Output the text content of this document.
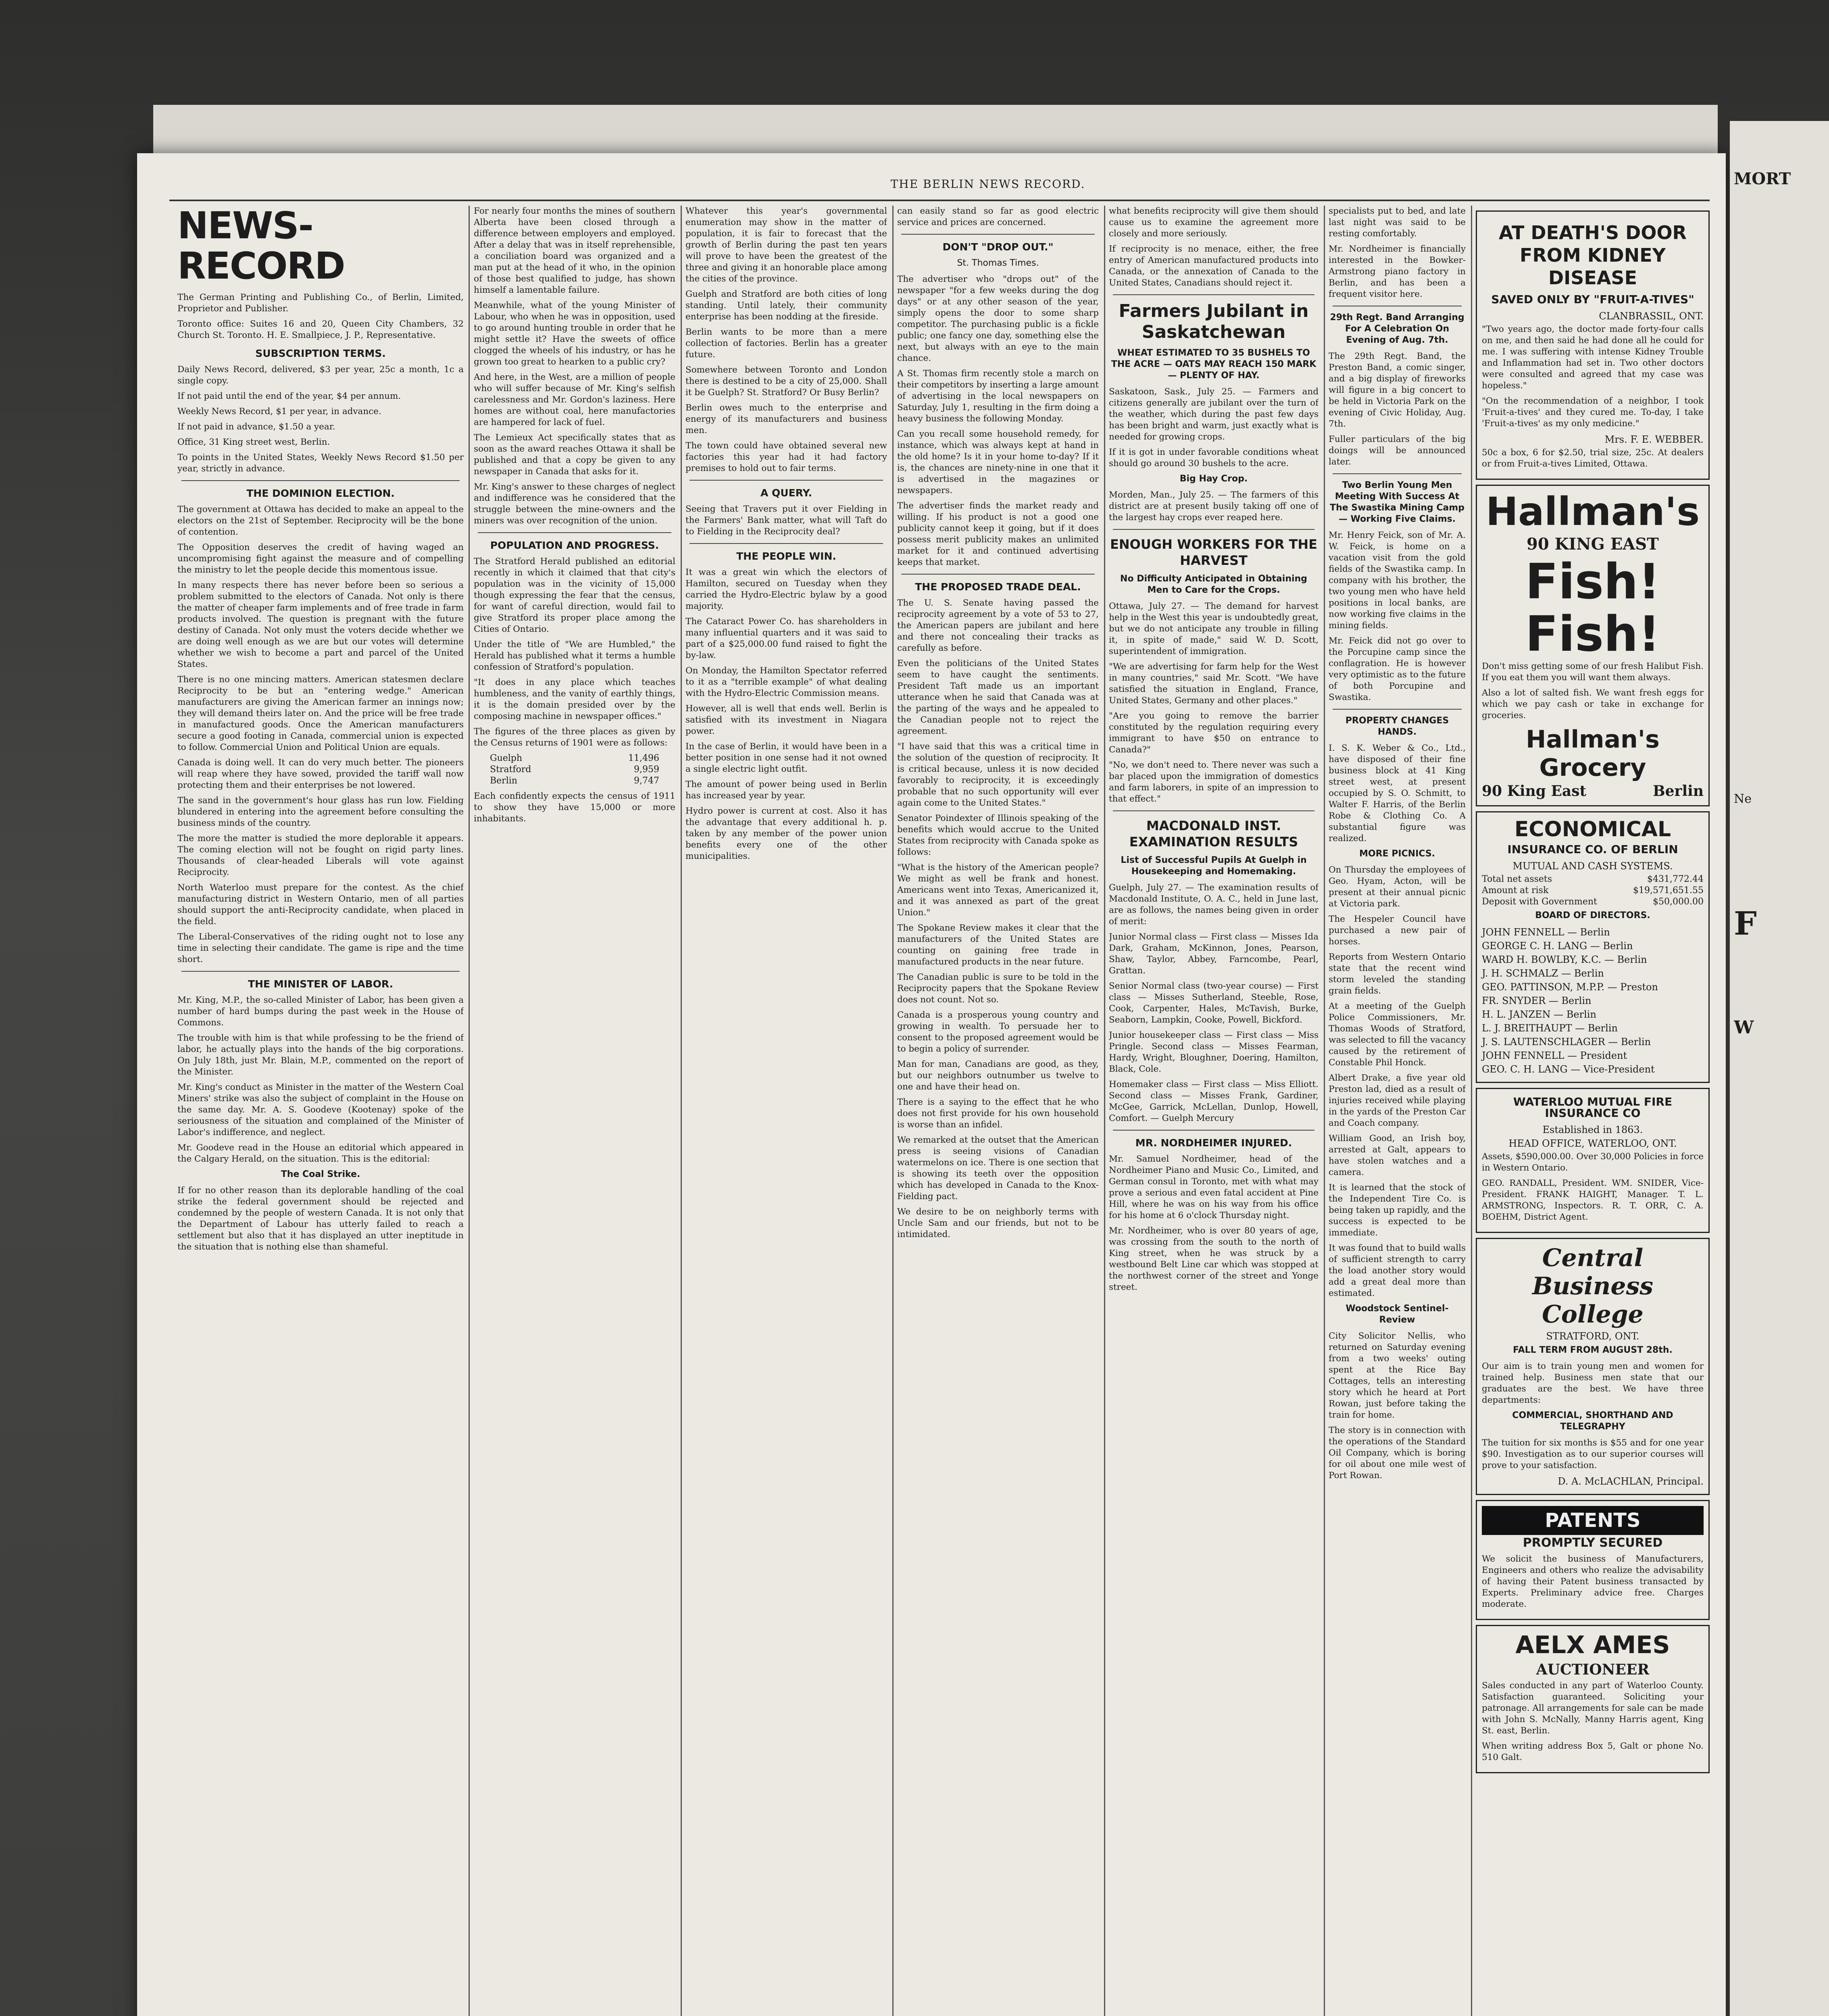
THE BERLIN NEWS RECORD.
NEWS-RECORD

The German Printing and Publishing Co., of Berlin, Limited, Proprietor and Publisher.

Toronto office: Suites 16 and 20, Queen City Chambers, 32 Church St. Toronto. H. E. Smallpiece, J. P., Representative.

SUBSCRIPTION TERMS.

Daily News Record, delivered, $3 per year, 25c a month, 1c a single copy.

If not paid until the end of the year, $4 per annum.

Weekly News Record, $1 per year, in advance.

If not paid in advance, $1.50 a year.

Office, 31 King street west, Berlin.

To points in the United States, Weekly News Record $1.50 per year, strictly in advance.

THE DOMINION ELECTION.

The government at Ottawa has decided to make an appeal to the electors on the 21st of September. Reciprocity will be the bone of contention.

The Opposition deserves the credit of having waged an uncompromising fight against the measure and of compelling the ministry to let the people decide this momentous issue.

In many respects there has never before been so serious a problem submitted to the electors of Canada. Not only is there the matter of cheaper farm implements and of free trade in farm products involved. The question is pregnant with the future destiny of Canada. Not only must the voters decide whether we are doing well enough as we are but our votes will determine whether we wish to become a part and parcel of the United States.

There is no one mincing matters. American statesmen declare Reciprocity to be but an "entering wedge." American manufacturers are giving the American farmer an innings now; they will demand theirs later on. And the price will be free trade in manufactured goods. Once the American manufacturers secure a good footing in Canada, commercial union is expected to follow. Commercial Union and Political Union are equals.

Canada is doing well. It can do very much better. The pioneers will reap where they have sowed, provided the tariff wall now protecting them and their enterprises be not lowered.

The sand in the government's hour glass has run low. Fielding blundered in entering into the agreement before consulting the business minds of the country.

The more the matter is studied the more deplorable it appears. The coming election will not be fought on rigid party lines. Thousands of clear-headed Liberals will vote against Reciprocity.

North Waterloo must prepare for the contest. As the chief manufacturing district in Western Ontario, men of all parties should support the anti-Reciprocity candidate, when placed in the field.

The Liberal-Conservatives of the riding ought not to lose any time in selecting their candidate. The game is ripe and the time short.

THE MINISTER OF LABOR.

Mr. King, M.P., the so-called Minister of Labor, has been given a number of hard bumps during the past week in the House of Commons.

The trouble with him is that while professing to be the friend of labor, he actually plays into the hands of the big corporations. On July 18th, just Mr. Blain, M.P., commented on the report of the Minister.

Mr. King's conduct as Minister in the matter of the Western Coal Miners' strike was also the subject of complaint in the House on the same day. Mr. A. S. Goodeve (Kootenay) spoke of the seriousness of the situation and complained of the Minister of Labor's indifference, and neglect.

Mr. Goodeve read in the House an editorial which appeared in the Calgary Herald, on the situation. This is the editorial:

The Coal Strike.

If for no other reason than its deplorable handling of the coal strike the federal government should be rejected and condemned by the people of western Canada. It is not only that the Department of Labour has utterly failed to reach a settlement but also that it has displayed an utter ineptitude in the situation that is nothing else than shameful.

For nearly four months the mines of southern Alberta have been closed through a difference between employers and employed. After a delay that was in itself reprehensible, a conciliation board was organized and a man put at the head of it who, in the opinion of those best qualified to judge, has shown himself a lamentable failure.

Meanwhile, what of the young Minister of Labour, who when he was in opposition, used to go around hunting trouble in order that he might settle it? Have the sweets of office clogged the wheels of his industry, or has he grown too great to hearken to a public cry?

And here, in the West, are a million of people who will suffer because of Mr. King's selfish carelessness and Mr. Gordon's laziness. Here homes are without coal, here manufactories are hampered for lack of fuel.

The Lemieux Act specifically states that as soon as the award reaches Ottawa it shall be published and that a copy be given to any newspaper in Canada that asks for it.

Mr. King's answer to these charges of neglect and indifference was he considered that the struggle between the mine-owners and the miners was over recognition of the union.

POPULATION AND PROGRESS.

The Stratford Herald published an editorial recently in which it claimed that that city's population was in the vicinity of 15,000 though expressing the fear that the census, for want of careful direction, would fail to give Stratford its proper place among the Cities of Ontario.

Under the title of "We are Humbled," the Herald has published what it terms a humble confession of Stratford's population.

"It does in any place which teaches humbleness, and the vanity of earthly things, it is the domain presided over by the composing machine in newspaper offices."

The figures of the three places as given by the Census returns of 1901 were as follows:

Guelph	11,496
Stratford	9,959
Berlin	9,747

Each confidently expects the census of 1911 to show they have 15,000 or more inhabitants.

Whatever this year's governmental enumeration may show in the matter of population, it is fair to forecast that the growth of Berlin during the past ten years will prove to have been the greatest of the three and giving it an honorable place among the cities of the province.

Guelph and Stratford are both cities of long standing. Until lately, their community enterprise has been nodding at the fireside.

Berlin wants to be more than a mere collection of factories. Berlin has a greater future.

Somewhere between Toronto and London there is destined to be a city of 25,000. Shall it be Guelph? St. Stratford? Or Busy Berlin?

Berlin owes much to the enterprise and energy of its manufacturers and business men.

The town could have obtained several new factories this year had it had factory premises to hold out to fair terms.

A QUERY.

Seeing that Travers put it over Fielding in the Farmers' Bank matter, what will Taft do to Fielding in the Reciprocity deal?

THE PEOPLE WIN.

It was a great win which the electors of Hamilton, secured on Tuesday when they carried the Hydro-Electric bylaw by a good majority.

The Cataract Power Co. has shareholders in many influential quarters and it was said to part of a $25,000.00 fund raised to fight the by-law.

On Monday, the Hamilton Spectator referred to it as a "terrible example" of what dealing with the Hydro-Electric Commission means.

However, all is well that ends well. Berlin is satisfied with its investment in Niagara power.

In the case of Berlin, it would have been in a better position in one sense had it not owned a single electric light outfit.

The amount of power being used in Berlin has increased year by year.

Hydro power is current at cost. Also it has the advantage that every additional h. p. taken by any member of the power union benefits every one of the other municipalities.

can easily stand so far as good electric service and prices are concerned.

DON'T "DROP OUT."
St. Thomas Times.

The advertiser who "drops out" of the newspaper "for a few weeks during the dog days" or at any other season of the year, simply opens the door to some sharp competitor. The purchasing public is a fickle public; one fancy one day, something else the next, but always with an eye to the main chance.

A St. Thomas firm recently stole a march on their competitors by inserting a large amount of advertising in the local newspapers on Saturday, July 1, resulting in the firm doing a heavy business the following Monday.

Can you recall some household remedy, for instance, which was always kept at hand in the old home? Is it in your home to-day? If it is, the chances are ninety-nine in one that it is advertised in the magazines or newspapers.

The advertiser finds the market ready and willing. If his product is not a good one publicity cannot keep it going, but if it does possess merit publicity makes an unlimited market for it and continued advertising keeps that market.

THE PROPOSED TRADE DEAL.

The U. S. Senate having passed the reciprocity agreement by a vote of 53 to 27, the American papers are jubilant and here and there not concealing their tracks as carefully as before.

Even the politicians of the United States seem to have caught the sentiments. President Taft made us an important utterance when he said that Canada was at the parting of the ways and he appealed to the Canadian people not to reject the agreement.

"I have said that this was a critical time in the solution of the question of reciprocity. It is critical because, unless it is now decided favorably to reciprocity, it is exceedingly probable that no such opportunity will ever again come to the United States."

Senator Poindexter of Illinois speaking of the benefits which would accrue to the United States from reciprocity with Canada spoke as follows:

"What is the history of the American people? We might as well be frank and honest. Americans went into Texas, Americanized it, and it was annexed as part of the great Union."

The Spokane Review makes it clear that the manufacturers of the United States are counting on gaining free trade in manufactured products in the near future.

The Canadian public is sure to be told in the Reciprocity papers that the Spokane Review does not count. Not so.

Canada is a prosperous young country and growing in wealth. To persuade her to consent to the proposed agreement would be to begin a policy of surrender.

Man for man, Canadians are good, as they, but our neighbors outnumber us twelve to one and have their head on.

There is a saying to the effect that he who does not first provide for his own household is worse than an infidel.

We remarked at the outset that the American press is seeing visions of Canadian watermelons on ice. There is one section that is showing its teeth over the opposition which has developed in Canada to the Knox-Fielding pact.

We desire to be on neighborly terms with Uncle Sam and our friends, but not to be intimidated.

what benefits reciprocity will give them should cause us to examine the agreement more closely and more seriously.

If reciprocity is no menace, either, the free entry of American manufactured products into Canada, or the annexation of Canada to the United States, Canadians should reject it.

Farmers Jubilant in Saskatchewan
WHEAT ESTIMATED TO 35 BUSHELS TO THE ACRE — OATS MAY REACH 150 MARK — PLENTY OF HAY.

Saskatoon, Sask., July 25. — Farmers and citizens generally are jubilant over the turn of the weather, which during the past few days has been bright and warm, just exactly what is needed for growing crops.

If it is got in under favorable conditions wheat should go around 30 bushels to the acre.

Big Hay Crop.

Morden, Man., July 25. — The farmers of this district are at present busily taking off one of the largest hay crops ever reaped here.

ENOUGH WORKERS FOR THE HARVEST
No Difficulty Anticipated in Obtaining Men to Care for the Crops.

Ottawa, July 27. — The demand for harvest help in the West this year is undoubtedly great, but we do not anticipate any trouble in filling it, in spite of made," said W. D. Scott, superintendent of immigration.

"We are advertising for farm help for the West in many countries," said Mr. Scott. "We have satisfied the situation in England, France, United States, Germany and other places."

"Are you going to remove the barrier constituted by the regulation requiring every immigrant to have $50 on entrance to Canada?"

"No, we don't need to. There never was such a bar placed upon the immigration of domestics and farm laborers, in spite of an impression to that effect."

MACDONALD INST. EXAMINATION RESULTS
List of Successful Pupils At Guelph in Housekeeping and Homemaking.

Guelph, July 27. — The examination results of Macdonald Institute, O. A. C., held in June last, are as follows, the names being given in order of merit:

Junior Normal class — First class — Misses Ida Dark, Graham, McKinnon, Jones, Pearson, Shaw, Taylor, Abbey, Farncombe, Pearl, Grattan.

Senior Normal class (two-year course) — First class — Misses Sutherland, Steeble, Rose, Cook, Carpenter, Hales, McTavish, Burke, Seaborn, Lampkin, Cooke, Powell, Bickford.

Junior housekeeper class — First class — Miss Pringle. Second class — Misses Fearman, Hardy, Wright, Bloughner, Doering, Hamilton, Black, Cole.

Homemaker class — First class — Miss Elliott. Second class — Misses Frank, Gardiner, McGee, Garrick, McLellan, Dunlop, Howell, Comfort. — Guelph Mercury

MR. NORDHEIMER INJURED.

Mr. Samuel Nordheimer, head of the Nordheimer Piano and Music Co., Limited, and German consul in Toronto, met with what may prove a serious and even fatal accident at Pine Hill, where he was on his way from his office for his home at 6 o'clock Thursday night.

Mr. Nordheimer, who is over 80 years of age, was crossing from the south to the north of King street, when he was struck by a westbound Belt Line car which was stopped at the northwest corner of the street and Yonge street.

specialists put to bed, and late last night was said to be resting comfortably.

Mr. Nordheimer is financially interested in the Bowker-Armstrong piano factory in Berlin, and has been a frequent visitor here.

29th Regt. Band Arranging For A Celebration On Evening of Aug. 7th.

The 29th Regt. Band, the Preston Band, a comic singer, and a big display of fireworks will figure in a big concert to be held in Victoria Park on the evening of Civic Holiday, Aug. 7th.

Fuller particulars of the big doings will be announced later.

Two Berlin Young Men Meeting With Success At The Swastika Mining Camp — Working Five Claims.

Mr. Henry Feick, son of Mr. A. W. Feick, is home on a vacation visit from the gold fields of the Swastika camp. In company with his brother, the two young men who have held positions in local banks, are now working five claims in the mining fields.

Mr. Feick did not go over to the Porcupine camp since the conflagration. He is however very optimistic as to the future of both Porcupine and Swastika.

PROPERTY CHANGES HANDS.

I. S. K. Weber & Co., Ltd., have disposed of their fine business block at 41 King street west, at present occupied by S. O. Schmitt, to Walter F. Harris, of the Berlin Robe & Clothing Co. A substantial figure was realized.

MORE PICNICS.

On Thursday the employees of Geo. Hyam, Acton, will be present at their annual picnic at Victoria park.

The Hespeler Council have purchased a new pair of horses.

Reports from Western Ontario state that the recent wind storm leveled the standing grain fields.

At a meeting of the Guelph Police Commissioners, Mr. Thomas Woods of Stratford, was selected to fill the vacancy caused by the retirement of Constable Phil Honck.

Albert Drake, a five year old Preston lad, died as a result of injuries received while playing in the yards of the Preston Car and Coach company.

William Good, an Irish boy, arrested at Galt, appears to have stolen watches and a camera.

It is learned that the stock of the Independent Tire Co. is being taken up rapidly, and the success is expected to be immediate.

It was found that to build walls of sufficient strength to carry the load another story would add a great deal more than estimated.

Woodstock Sentinel-Review

City Solicitor Nellis, who returned on Saturday evening from a two weeks' outing spent at the Rice Bay Cottages, tells an interesting story which he heard at Port Rowan, just before taking the train for home.

The story is in connection with the operations of the Standard Oil Company, which is boring for oil about one mile west of Port Rowan.

AT DEATH'S DOOR FROM KIDNEY DISEASE
SAVED ONLY BY "FRUIT-A-TIVES"
CLANBRASSIL, ONT.

"Two years ago, the doctor made forty-four calls on me, and then said he had done all he could for me. I was suffering with intense Kidney Trouble and Inflammation had set in. Two other doctors were consulted and agreed that my case was hopeless."

"On the recommendation of a neighbor, I took 'Fruit-a-tives' and they cured me. To-day, I take 'Fruit-a-tives' as my only medicine."

Mrs. F. E. WEBBER.

50c a box, 6 for $2.50, trial size, 25c. At dealers or from Fruit-a-tives Limited, Ottawa.

Hallman's
90 KING EAST
Fish! Fish!

Don't miss getting some of our fresh Halibut Fish. If you eat them you will want them always.

Also a lot of salted fish. We want fresh eggs for which we pay cash or take in exchange for groceries.

Hallman's Grocery
90 King East	Berlin
ECONOMICAL
INSURANCE CO. OF BERLIN
MUTUAL AND CASH SYSTEMS.
Total net assets	$431,772.44
Amount at risk	$19,571,651.55
Deposit with Government	$50,000.00
BOARD OF DIRECTORS.
JOHN FENNELL — Berlin
GEORGE C. H. LANG — Berlin
WARD H. BOWLBY, K.C. — Berlin
J. H. SCHMALZ — Berlin
GEO. PATTINSON, M.P.P. — Preston
FR. SNYDER — Berlin
H. L. JANZEN — Berlin
L. J. BREITHAUPT — Berlin
J. S. LAUTENSCHLAGER — Berlin
JOHN FENNELL — President
GEO. C. H. LANG — Vice-President
WATERLOO MUTUAL FIRE INSURANCE CO
Established in 1863.
HEAD OFFICE, WATERLOO, ONT.

Assets, $590,000.00. Over 30,000 Policies in force in Western Ontario.

GEO. RANDALL, President. WM. SNIDER, Vice-President. FRANK HAIGHT, Manager. T. L. ARMSTRONG, Inspectors. R. T. ORR, C. A. BOEHM, District Agent.

Central Business College
STRATFORD, ONT.
FALL TERM FROM AUGUST 28th.

Our aim is to train young men and women for trained help. Business men state that our graduates are the best. We have three departments:

COMMERCIAL, SHORTHAND AND TELEGRAPHY

The tuition for six months is $55 and for one year $90. Investigation as to our superior courses will prove to your satisfaction.

D. A. McLACHLAN, Principal.
PATENTS
PROMPTLY SECURED

We solicit the business of Manufacturers, Engineers and others who realize the advisability of having their Patent business transacted by Experts. Preliminary advice free. Charges moderate.

AELX AMES
AUCTIONEER

Sales conducted in any part of Waterloo County. Satisfaction guaranteed. Soliciting your patronage. All arrangements for sale can be made with John S. McNally, Manny Harris agent, King St. east, Berlin.

When writing address Box 5, Galt or phone No. 510 Galt.

MORT

Ne

F

W
